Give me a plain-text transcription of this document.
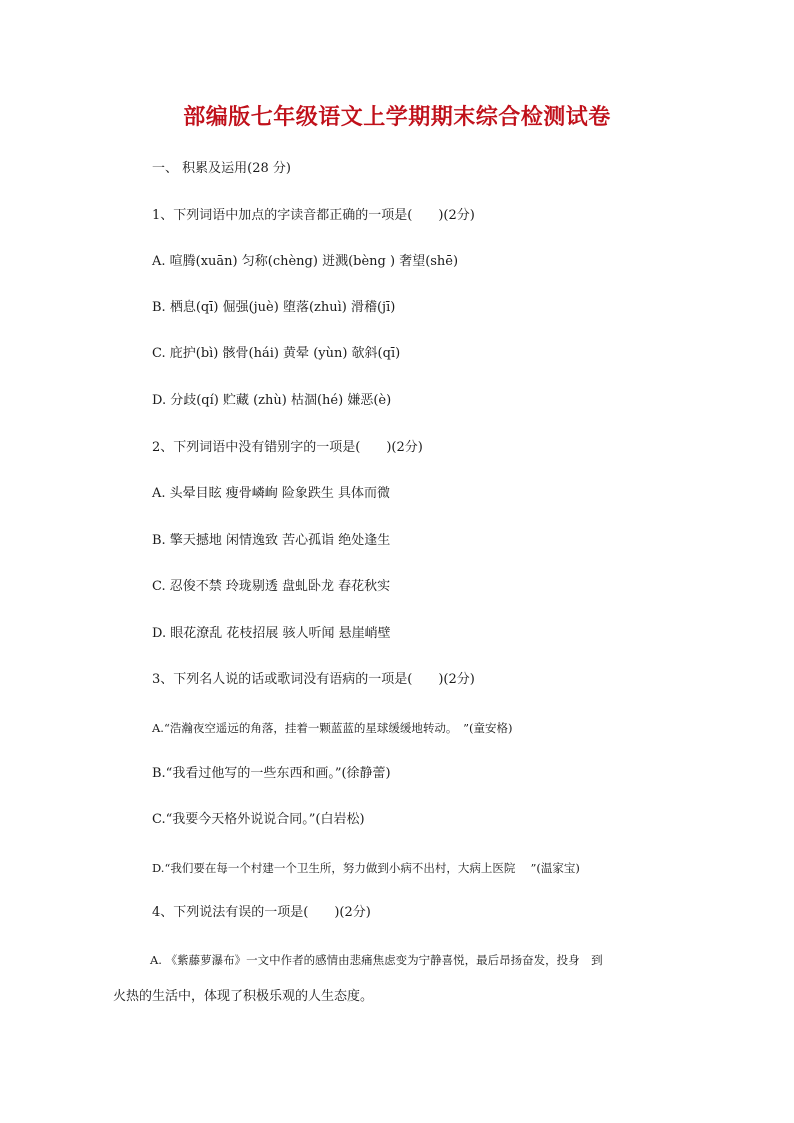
部编版七年级语文上学期期末综合检测试卷
一、 积累及运用(28 分)
1、下列词语中加点的字读音都正确的一项是(　　)(2分)
A. 喧腾(xuān) 匀称(chèng) 迸溅(bèng ) 奢望(shē)
B. 栖息(qī) 倔强(juè) 堕落(zhuì) 滑稽(jī)
C. 庇护(bì) 骸骨(hái) 黄晕 (yùn) 欹斜(qī)
D. 分歧(qí) 贮藏 (zhù) 枯涸(hé) 嫌恶(è)
2、下列词语中没有错别字的一项是(　　)(2分)
A. 头晕目眩 瘦骨嶙峋 险象跌生 具体而微
B. 擎天撼地 闲情逸致 苦心孤诣 绝处逢生
C. 忍俊不禁 玲珑剔透 盘虬卧龙 春花秋实
D. 眼花潦乱 花枝招展 骇人听闻 悬崖峭壁
3、下列名人说的话或歌词没有语病的一项是(　　)(2分)
A.“浩瀚夜空遥远的角落，挂着一颗蓝蓝的星球缓缓地转动。　”(童安格)
B.“我看过他写的一些东西和画。”(徐静蕾)
C.“我要今天格外说说合同。”(白岩松)
D.“我们要在每一个村建一个卫生所，努力做到小病不出村，大病上医院　 ”(温家宝)
4、下列说法有误的一项是(　　)(2分)
A. 《紫藤萝瀑布》一文中作者的感情由悲痛焦虑变为宁静喜悦，最后昂扬奋发，投身　到
火热的生活中，体现了积极乐观的人生态度。
